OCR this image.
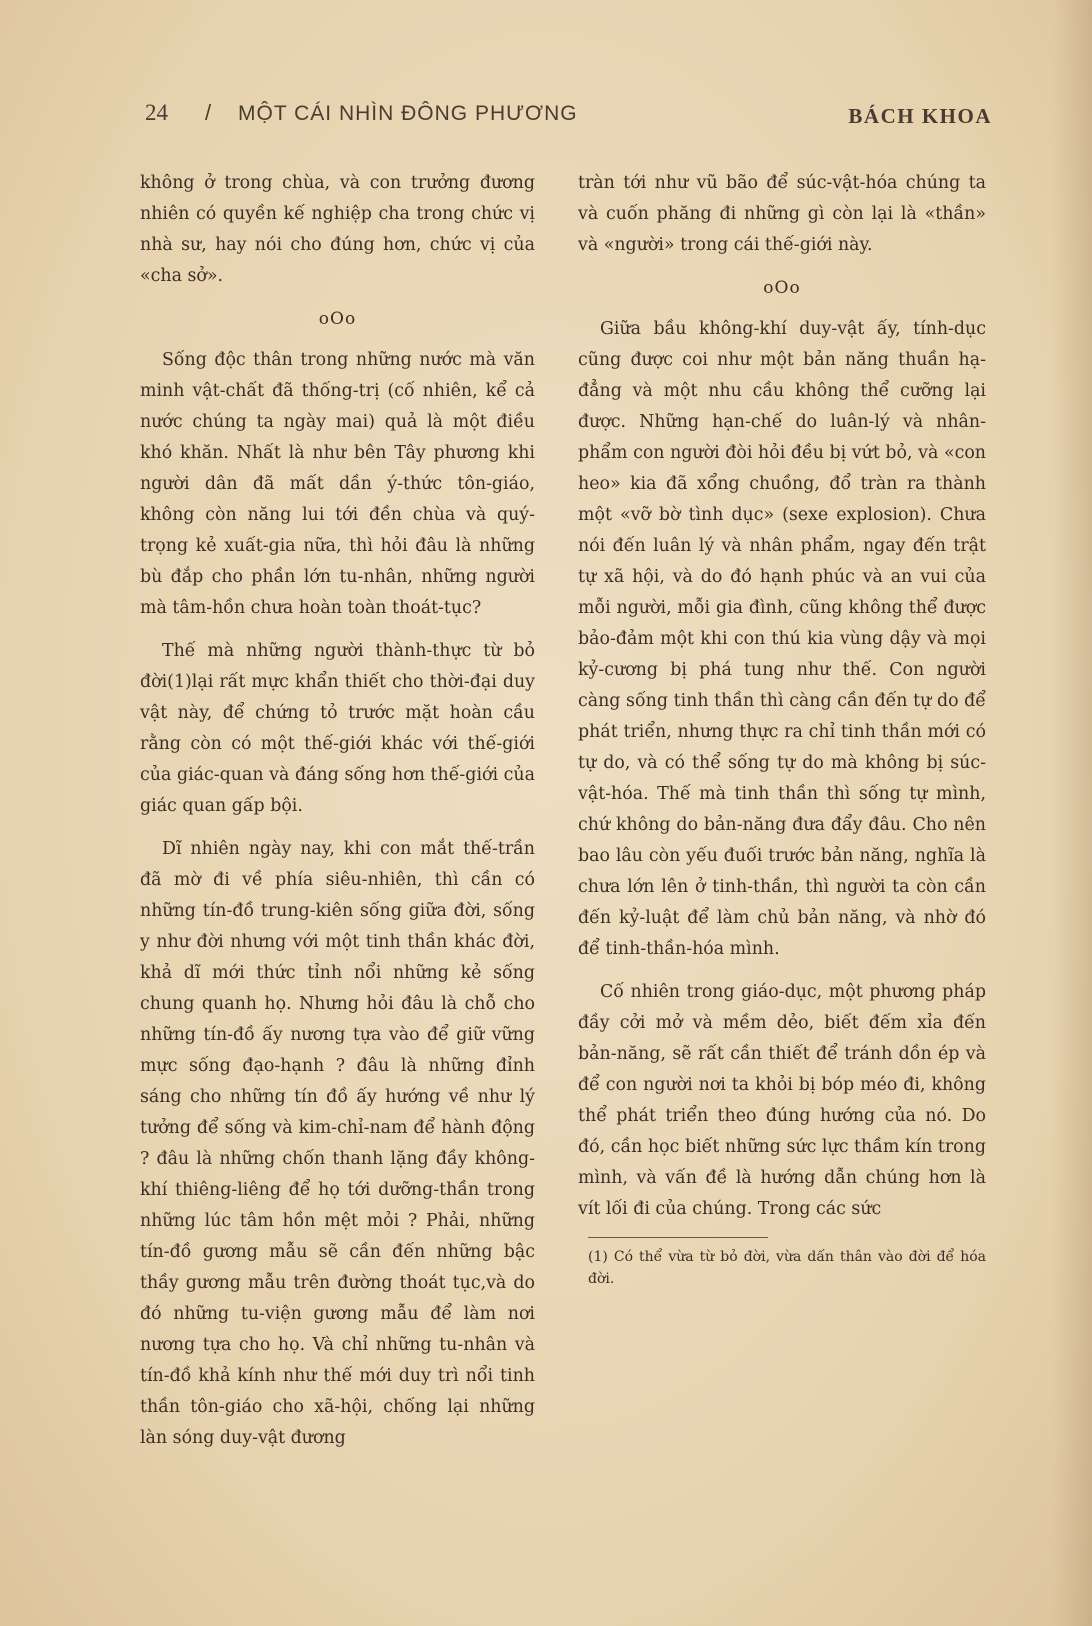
24 / MỘT CÁI NHÌN ĐÔNG PHƯƠNG	BÁCH KHOA

không ở trong chùa, và con trưởng đương nhiên có quyền kế nghiệp cha trong chức vị nhà sư, hay nói cho đúng hơn, chức vị của «cha sở».

oOo

Sống độc thân trong những nước mà văn minh vật-chất đã thống-trị (cố nhiên, kể cả nước chúng ta ngày mai) quả là một điều khó khăn. Nhất là như bên Tây phương khi người dân đã mất dần ý-thức tôn-giáo, không còn năng lui tới đền chùa và quý-trọng kẻ xuất-gia nữa, thì hỏi đâu là những bù đắp cho phần lớn tu-nhân, những người mà tâm-hồn chưa hoàn toàn thoát-tục?

Thế mà những người thành-thực từ bỏ đời(1)lại rất mực khẩn thiết cho thời-đại duy vật này, để chứng tỏ trước mặt hoàn cầu rằng còn có một thế-giới khác với thế-giới của giác-quan và đáng sống hơn thế-giới của giác quan gấp bội.

Dĩ nhiên ngày nay, khi con mắt thế-trần đã mờ đi về phía siêu-nhiên, thì cần có những tín-đồ trung-kiên sống giữa đời, sống y như đời nhưng với một tinh thần khác đời, khả dĩ mới thức tỉnh nổi những kẻ sống chung quanh họ. Nhưng hỏi đâu là chỗ cho những tín-đồ ấy nương tựa vào để giữ vững mực sống đạo-hạnh ? đâu là những đỉnh sáng cho những tín đồ ấy hướng về như lý tưởng để sống và kim-chỉ-nam để hành động ? đâu là những chốn thanh lặng đầy không-khí thiêng-liêng để họ tới dưỡng-thần trong những lúc tâm hồn mệt mỏi ? Phải, những tín-đồ gương mẫu sẽ cần đến những bậc thầy gương mẫu trên đường thoát tục,và do đó những tu-viện gương mẫu để làm nơi nương tựa cho họ. Và chỉ những tu-nhân và tín-đồ khả kính như thế mới duy trì nổi tinh thần tôn-giáo cho xã-hội, chống lại những làn sóng duy-vật đương

tràn tới như vũ bão để súc-vật-hóa chúng ta và cuốn phăng đi những gì còn lại là «thần» và «người» trong cái thế-giới này.

oOo

Giữa bầu không-khí duy-vật ấy, tính-dục cũng được coi như một bản năng thuần hạ-đẳng và một nhu cầu không thể cưỡng lại được. Những hạn-chế do luân-lý và nhân-phẩm con người đòi hỏi đều bị vứt bỏ, và «con heo» kia đã xổng chuồng, đổ tràn ra thành một «vỡ bờ tình dục» (sexe explosion). Chưa nói đến luân lý và nhân phẩm, ngay đến trật tự xã hội, và do đó hạnh phúc và an vui của mỗi người, mỗi gia đình, cũng không thể được bảo-đảm một khi con thú kia vùng dậy và mọi kỷ-cương bị phá tung như thế. Con người càng sống tinh thần thì càng cần đến tự do để phát triển, nhưng thực ra chỉ tinh thần mới có tự do, và có thể sống tự do mà không bị súc-vật-hóa. Thế mà tinh thần thì sống tự mình, chứ không do bản-năng đưa đẩy đâu. Cho nên bao lâu còn yếu đuối trước bản năng, nghĩa là chưa lớn lên ở tinh-thần, thì người ta còn cần đến kỷ-luật để làm chủ bản năng, và nhờ đó để tinh-thần-hóa mình.

Cố nhiên trong giáo-dục, một phương pháp đầy cởi mở và mềm dẻo, biết đếm xỉa đến bản-năng, sẽ rất cần thiết để tránh dồn ép và để con người nơi ta khỏi bị bóp méo đi, không thể phát triển theo đúng hướng của nó. Do đó, cần học biết những sức lực thầm kín trong mình, và vấn đề là hướng dẫn chúng hơn là vít lối đi của chúng. Trong các sức

(1) Có thể vừa từ bỏ đời, vừa dấn thân vào đời để hóa đời.
